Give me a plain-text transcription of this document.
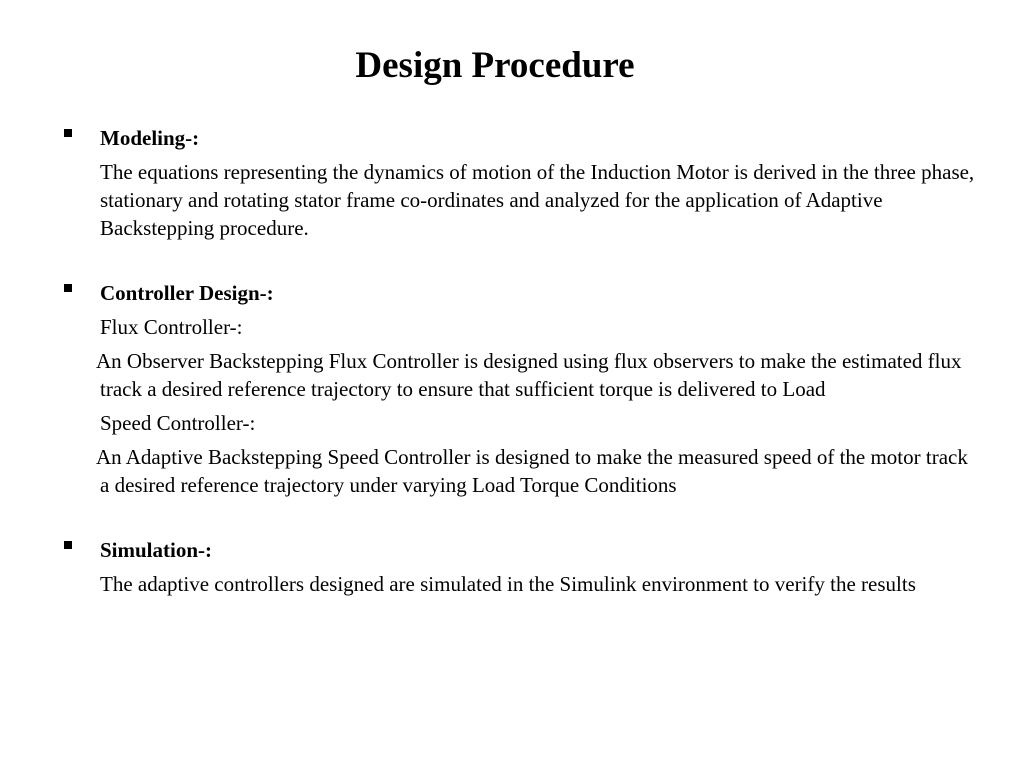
Design Procedure
Modeling-:
The equations representing the dynamics of motion of the Induction Motor is derived in the three phase, stationary and rotating stator frame co-ordinates and analyzed for the application of Adaptive Backstepping procedure.
Controller Design-:
Flux Controller-:
An Observer Backstepping Flux Controller is designed using flux observers to make the estimated flux track a desired reference trajectory to ensure that sufficient torque is delivered to Load
Speed Controller-:
An Adaptive Backstepping Speed Controller is designed to make the measured speed of the motor track a desired reference trajectory under varying Load Torque Conditions
Simulation-:
The adaptive controllers designed are simulated in the Simulink environment to verify the results
